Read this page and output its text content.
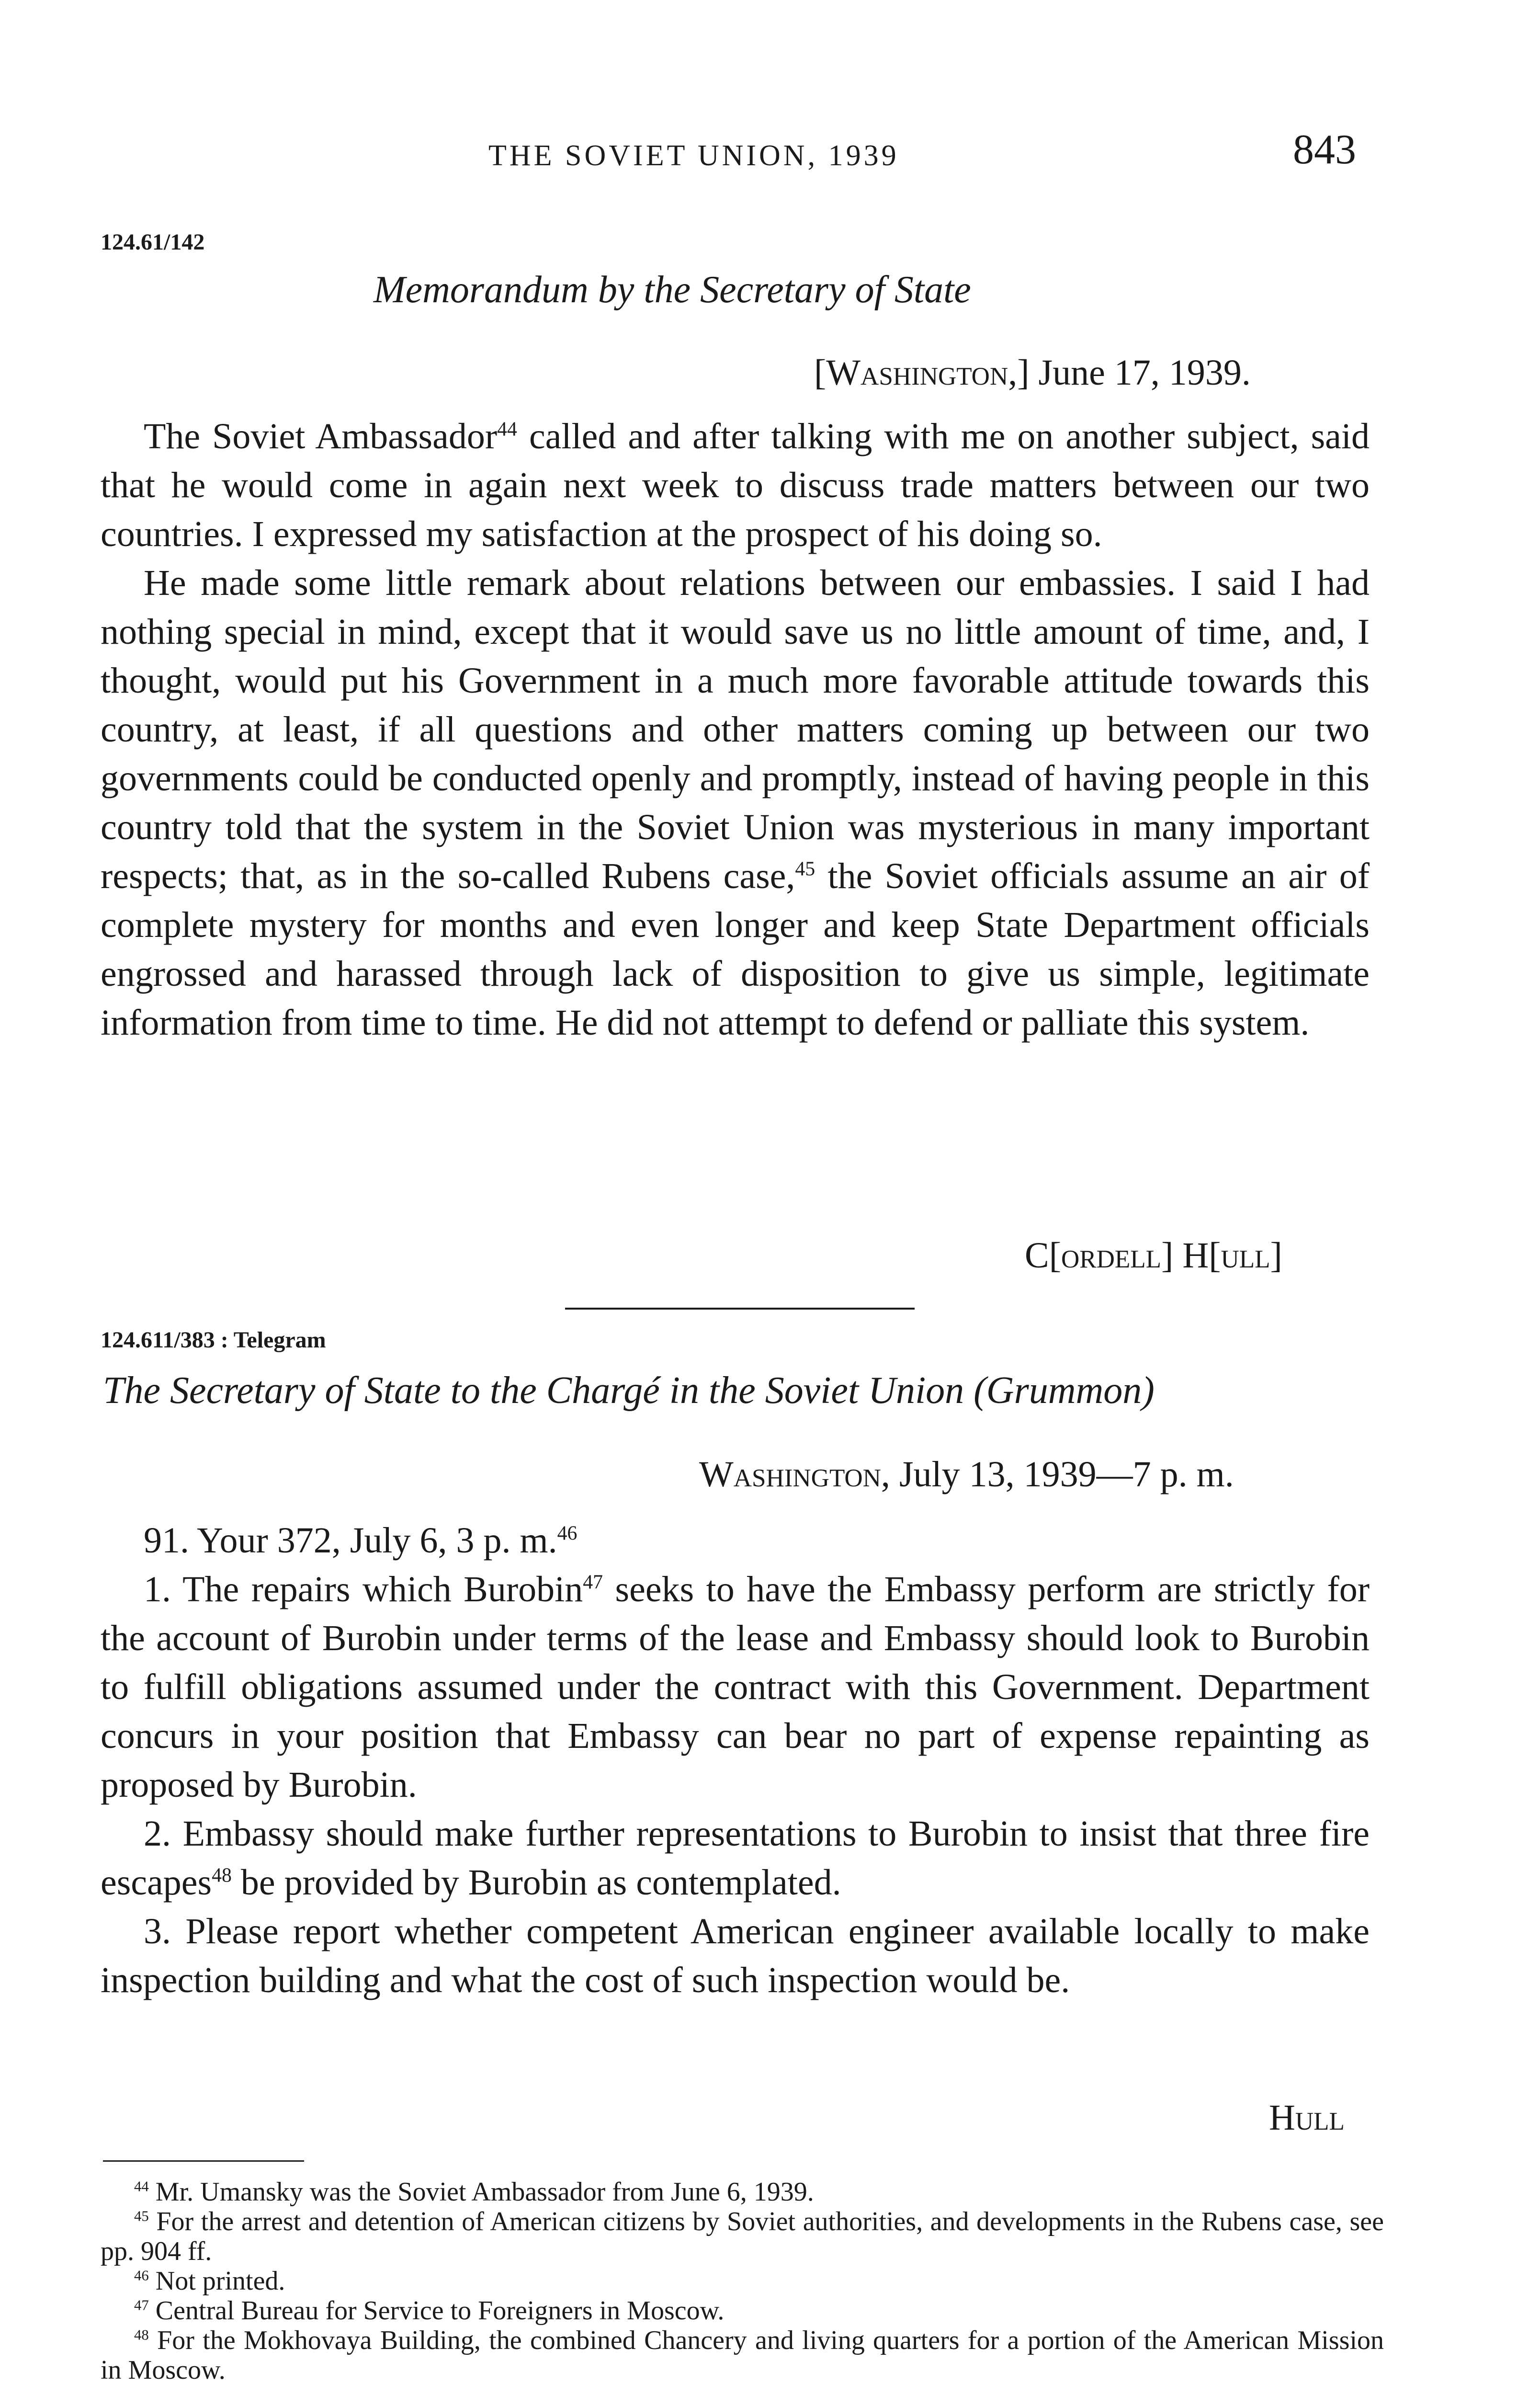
THE SOVIET UNION, 1939	843
124.61/142
Memorandum by the Secretary of State
[Washington,] June 17, 1939.

The Soviet Ambassador$^{44}$ called and after talking with me on another subject, said that he would come in again next week to discuss trade matters between our two countries. I expressed my satisfaction at the prospect of his doing so.

He made some little remark about relations between our embassies. I said I had nothing special in mind, except that it would save us no little amount of time, and, I thought, would put his Government in a much more favorable attitude towards this country, at least, if all questions and other matters coming up between our two governments could be conducted openly and promptly, instead of having people in this country told that the system in the Soviet Union was mysterious in many important respects; that, as in the so-called Rubens case,$^{45}$ the Soviet officials assume an air of complete mystery for months and even longer and keep State Department officials engrossed and harassed through lack of disposition to give us simple, legitimate information from time to time. He did not attempt to defend or palliate this system.

C[ordell] H[ull]
124.611/383 : Telegram
The Secretary of State to the Chargé in the Soviet Union (Grummon)
Washington, July 13, 1939—7 p. m.

91. Your 372, July 6, 3 p. m.$^{46}$

1. The repairs which Burobin$^{47}$ seeks to have the Embassy perform are strictly for the account of Burobin under terms of the lease and Embassy should look to Burobin to fulfill obligations assumed under the contract with this Government. Department concurs in your position that Embassy can bear no part of expense repainting as proposed by Burobin.

2. Embassy should make further representations to Burobin to insist that three fire escapes$^{48}$ be provided by Burobin as contemplated.

3. Please report whether competent American engineer available locally to make inspection building and what the cost of such inspection would be.

Hull

$^{44}$ Mr. Umansky was the Soviet Ambassador from June 6, 1939.

$^{45}$ For the arrest and detention of American citizens by Soviet authorities, and developments in the Rubens case, see pp. 904 ff.

$^{46}$ Not printed.

$^{47}$ Central Bureau for Service to Foreigners in Moscow.

$^{48}$ For the Mokhovaya Building, the combined Chancery and living quarters for a portion of the American Mission in Moscow.
